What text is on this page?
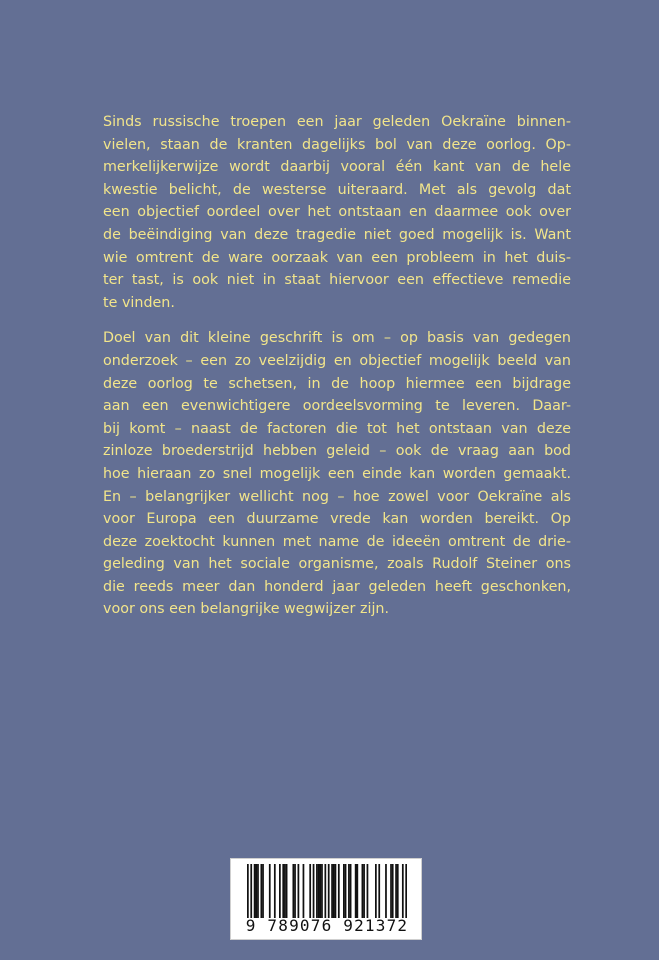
Sinds russische troepen een jaar geleden Oekraïne binnen-
vielen, staan de kranten dagelijks bol van deze oorlog. Op-
merkelijkerwijze wordt daarbij vooral één kant van de hele
kwestie belicht, de westerse uiteraard. Met als gevolg dat
een objectief oordeel over het ontstaan en daarmee ook over
de beëindiging van deze tragedie niet goed mogelijk is. Want
wie omtrent de ware oorzaak van een probleem in het duis-
ter tast, is ook niet in staat hiervoor een effectieve remedie
te vinden.
Doel van dit kleine geschrift is om – op basis van gedegen
onderzoek – een zo veelzijdig en objectief mogelijk beeld van
deze oorlog te schetsen, in de hoop hiermee een bijdrage
aan een evenwichtigere oordeelsvorming te leveren. Daar-
bij komt – naast de factoren die tot het ontstaan van deze
zinloze broederstrijd hebben geleid – ook de vraag aan bod
hoe hieraan zo snel mogelijk een einde kan worden gemaakt.
En – belangrijker wellicht nog – hoe zowel voor Oekraïne als
voor Europa een duurzame vrede kan worden bereikt. Op
deze zoektocht kunnen met name de ideeën omtrent de drie-
geleding van het sociale organisme, zoals Rudolf Steiner ons
die reeds meer dan honderd jaar geleden heeft geschonken,
voor ons een belangrijke wegwijzer zijn.
9 789076 921372
